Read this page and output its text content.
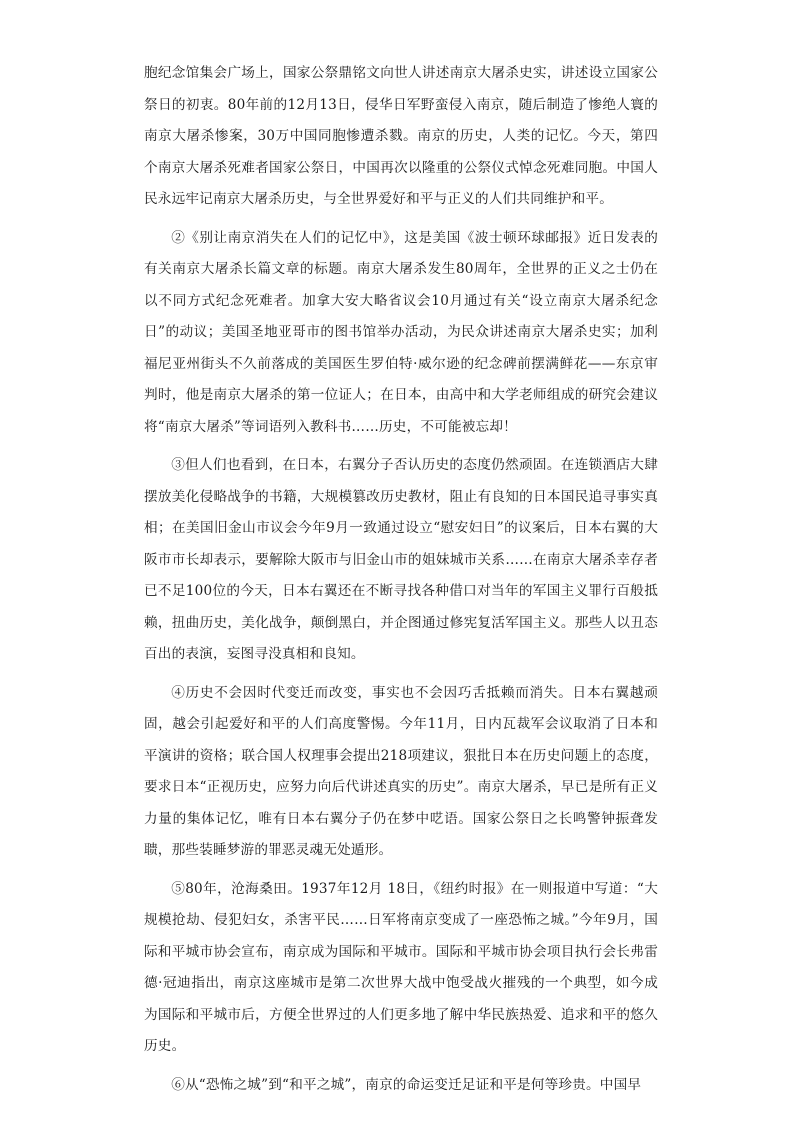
胞纪念馆集会广场上，国家公祭鼎铭文向世人讲述南京大屠杀史实，讲述设立国家公祭日的初衷。80年前的12月13日，侵华日军野蛮侵入南京，随后制造了惨绝人寰的南京大屠杀惨案，30万中国同胞惨遭杀戮。南京的历史，人类的记忆。今天，第四个南京大屠杀死难者国家公祭日，中国再次以隆重的公祭仪式悼念死难同胞。中国人民永远牢记南京大屠杀历史，与全世界爱好和平与正义的人们共同维护和平。

②《别让南京消失在人们的记忆中》，这是美国《波士顿环球邮报》近日发表的有关南京大屠杀长篇文章的标题。南京大屠杀发生80周年，全世界的正义之士仍在以不同方式纪念死难者。加拿大安大略省议会10月通过有关“设立南京大屠杀纪念日”的动议；美国圣地亚哥市的图书馆举办活动，为民众讲述南京大屠杀史实；加利福尼亚州街头不久前落成的美国医生罗伯特·威尔逊的纪念碑前摆满鲜花——东京审判时，他是南京大屠杀的第一位证人；在日本，由高中和大学老师组成的研究会建议将“南京大屠杀”等词语列入教科书……历史，不可能被忘却！

③但人们也看到，在日本，右翼分子否认历史的态度仍然顽固。在连锁酒店大肆摆放美化侵略战争的书籍，大规模篡改历史教材，阻止有良知的日本国民追寻事实真相；在美国旧金山市议会今年9月一致通过设立“慰安妇日”的议案后，日本右翼的大阪市市长却表示，要解除大阪市与旧金山市的姐妹城市关系……在南京大屠杀幸存者已不足100位的今天，日本右翼还在不断寻找各种借口对当年的军国主义罪行百般抵赖，扭曲历史，美化战争，颠倒黑白，并企图通过修宪复活军国主义。那些人以丑态百出的表演，妄图寻没真相和良知。

④历史不会因时代变迁而改变，事实也不会因巧舌抵赖而消失。日本右翼越顽固，越会引起爱好和平的人们高度警惕。今年11月，日内瓦裁军会议取消了日本和平演讲的资格；联合国人权理事会提出218项建议，狠批日本在历史问题上的态度，要求日本“正视历史，应努力向后代讲述真实的历史”。南京大屠杀，早已是所有正义力量的集体记忆，唯有日本右翼分子仍在梦中呓语。国家公祭日之长鸣警钟振聋发聩，那些装睡梦游的罪恶灵魂无处遁形。

⑤80年，沧海桑田。1937年12月 18日，《纽约时报》在一则报道中写道：“大规模抢劫、侵犯妇女，杀害平民……日军将南京变成了一座恐怖之城。”今年9月，国际和平城市协会宣布，南京成为国际和平城市。国际和平城市协会项目执行会长弗雷德·冠迪指出，南京这座城市是第二次世界大战中饱受战火摧残的一个典型，如今成为国际和平城市后，方便全世界过的人们更多地了解中华民族热爱、追求和平的悠久历史。

⑥从“恐怖之城”到“和平之城”，南京的命运变迁足证和平是何等珍贵。中国早
